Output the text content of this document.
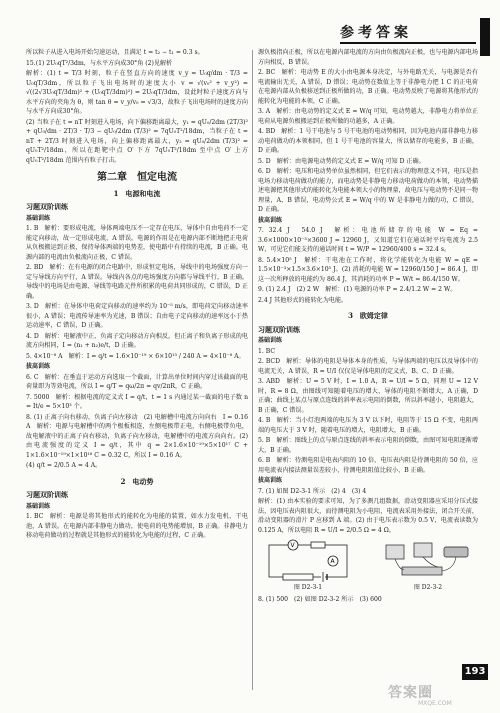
参考答案

所以粒子从进入电场开始匀速运动，且满足 t = t₂ − t₁ = 0.3 s。

15.(1) 2U₀qT²/3dm，与水平方向成30°角 (2)见解析

解析：(1) t = T/3 时刻，粒子在竖直方向的速度 v_y = U₀q/dm · T/3 = U₀qT/3dm，所以粒子飞出电场时的速度大小 v = √(v₀² + v_y²) = √((2√3U₀qT/3dm)² + (U₀qT/3dm)²) = 2U₀qT/3dm，设此时粒子速度方向与水平方向的夹角为 θ，则 tan θ = v_y/v₀ = √3/3，故粒子飞出电场时的速度方向与水平方向成30°角。

(2) 当粒子在 t = nT 时刻进入电场，向下偏移距离最大，y₁ = qU₀/2dm (2T/3)² + qU₀/dm · 2T/3 · T/3 − qU₀/2dm (T/3)² = 7qU₀T²/18dm，当粒子在 t = nT + 2T/3 时刻进入电场，向上偏移距离最大，y₂ = qU₀/2dm (T/3)² = qU₀T²/18dm，所以在距靶中点 O′ 下方 7qU₀T²/18dm 至中点 O′ 上方 qU₀T²/18dm 范围内有粒子打击。

第二章　恒定电流
1　电源和电流
习题双阶训练
基础训练

1. B　解析：要形成电流，导体两端电压不一定存在电压，导体中自由电荷不一定能定向移动，故一定形成电流，A 错误。电源的作用是在电源内部不断地把正电荷从负极搬运到正极，保持导体两端的电势差，使电路中有持续的电流，B 正确。电源内部的电流由负极流向正极，C 错误。

2. BD　解析：在有电源的闭合电路中，形成恒定电场，导线中的电场强度方向一定与导线方向平行，A 错误。导线内各点的电场强度方向都与导线平行，B 正确。导线中的电场是由电源、导线等电路元件所积累的电荷共同形成的，C 错误，D 正确。

3. D　解析：在导体中电荷定向移动的速率约为 10⁻⁵ m/s，即电荷定向移动速率很小，A 错误；电流传导速率为光速，B 错误；自由电子定向移动的速率远小于热运动速率，C 错误，D 正确。

4. D　解析：电解液中正、负离子定向移动方向相反，但正离子和负离子形成的电流方向相同，I = (n₁ + n₂)e/t，D 正确。

5. 4×10⁻⁸ A　解析：I = q/t = 1.6×10⁻¹⁹ × 6×10¹³ / 240 A = 4×10⁻⁸ A。

拔高训练

6. C　解析：在垂直于运动方向选取一个截面，计算出单位时间内穿过该截面的电荷量即为等效电流，所以 I = q/T = qω/2π = qv/2πR，C 正确。

7. 5000　解析：根据电流的定义式 I = q/t，t = 1 s 内通过某一截面的电子数 n = It/e = 5×10³ 个。

8. (1) 正离子向右移动，负离子向左移动　(2) 电解槽中电流方向向右　I = 0.16 A　解析：电源与电解槽中的两个极板相连，左侧电极带正电，右侧电极带负电，故电解液中的正离子向右移动，负离子向左移动，电解槽中的电流方向向右。(2) 由电流强度的定义 I = q/t，其中 q = 2×1.6×10⁻¹⁹×5×10¹⁷ C + 1×1.6×10⁻¹⁹×1×10¹⁸ C = 0.32 C，所以 I = 0.16 A。

(4) q/t = 2/0.5 A = 4 A。

2　电动势
习题双阶训练
基础训练

1. BC　解析：电源是将其他形式的能转化为电能的装置，如水力发电机、干电池，A 错误。在电源内部非静电力做功，使电荷的电势能增加，B 正确。非静电力移动电荷做功的过程就是其他形式的能转化为电能的过程，C 正确。

源负极指向正极，所以在电源内部电流的方向由负极流向正极，也与电源内部电场方向相反，B 错误。

2. BC　解析：电动势 E 的大小由电源本身决定，与外电路无关，与电源是否有电流输出无关，A 错误，D 错误；电动势在数值上等于非静电力把 1 C 的正电荷在电源内部从负极移送到正极所做的功，B 正确。电动势反映了电源将其他形式的能转化为电能的本领，C 正确。

3. A　解析：由电动势的定义式 E = W/q 可知，电动势越大，非静电力将单位正电荷从电源负极搬运到正极所做的功越多，A 正确。

4. BD　解析：1 号干电池与 5 号干电池的电动势相同，因为电池内部非静电力移动电荷做功的本领相同，但 1 号干电池的容量大，所以储存的电能多，B 正确，D 正确。

5. D　解析：由电源电动势的定义式 E = W/q 可知 D 正确。

6. D　解析：电压和电动势单位虽然相同，但它们表示的物理意义不同，电压是指电场力移动电荷做功的能力，而电动势是非静电力移动电荷做功的本领，电动势描述电源把其他形式的能转化为电能本领大小的物理量，故电压与电动势不是同一物理量，A、B 错误，电动势公式 E = W/q 中的 W 是非静电力做的功，C 错误，D 正确。

拔高训练

7. 32.4 J　54.0 J　解析：电池所储存的电能 W = Eq = 3.6×1000×10⁻³×3600 J = 12960 J，又知道它们在通话时平均电流为 2.5 W，可见它们能支持的通话时间 t = W/P = 12960/400 s = 32.4 s。

8. 5.4×10⁵ J　解析：干电池在工作时，将化学能转化为电能 W = qE = 1.5×10⁻³×1.5×3.6×10⁵ J。(2) 消耗的电能 W = 12960/150 J = 86.4 J，即这一次所释放的电能约为 86.4 J，其消耗的功率 P = W/t = 86.4/150 W。

9. (1) 2.4 J　(2) 2 W　解析：(1) 电源的功率 P = 2.4/1.2 W = 2 W。

2.4 J 其他形式的能转化为电能。

3　欧姆定律
习题双阶训练
基础训练

1. BC

2. BCD　解析：导体的电阻是导体本身的性质，与导体两端的电压以及导体中的电流无关，A 错误，R = U/I 仅仅是导体电阻的定义式，B、C、D 正确。

3. ABD　解析：U = 5 V 时，I = 1.0 A，R = U/I = 5 Ω，同理 U = 12 V 时，R = 8 Ω，由图线可知随着电压的增大，导体的电阻不断增大，A 正确，D 正确；曲线上某点与原点连线的斜率表示电阻的倒数，所以斜率越小，电阻越大，B 正确，C 错误。

4. B　解析：当小灯泡两端的电压为 3 V 以下时，电阻等于 15 Ω 不变，电阻两端的电压大于 3 V 时，随着电压的增大，电阻增大，B 正确。

5. B　解析：图线上的点与原点连线的斜率表示电阻的倒数，由图可知电阻逐渐增大，B 正确。

6. B　解析：待测电阻是电表内阻的 10 倍，电压表内阻是待测电阻的 50 倍，应用电流表内接法测量误差较小，待测电阻阻值比较小，B 正确。

拔高训练

7. (1) 如图 D2-3-1 所示　(2) 4　(3) 4

解析：(1) 由本实验的要求可知，为了多测几组数据，滑动变阻器应采用分压式接法，因电压表内阻很大，而待测电阻为小电阻，电流表采用外接法，闭合开关前，滑动变阻器的滑片 P 应移到 A 端。(2) 由于电压表示数为 0.5 V，电流表读数为 0.125 A，所以电阻 R = U/I = 2/0.5 Ω = 4 Ω。

V
A
图 D2-3-1	图 D2-3-2

8. (1) 500　(2) 如图 D2-3-2 所示　(3) 600

193
答案圈
MXQE.COM
